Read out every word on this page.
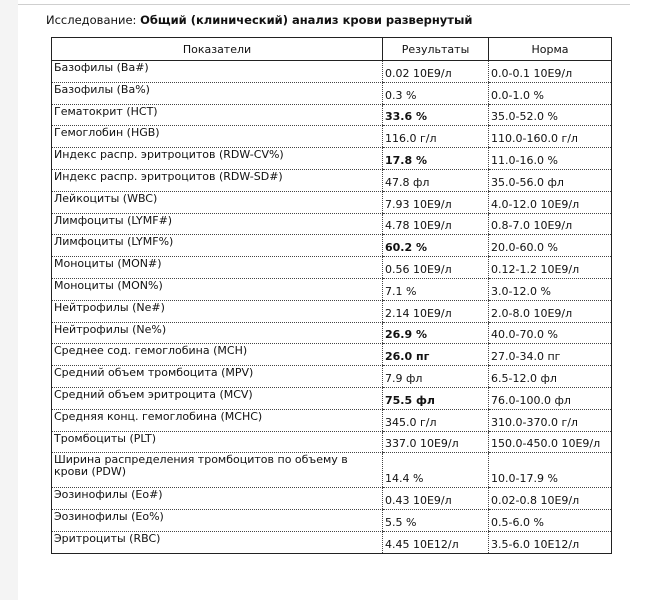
Исследование: Общий (клинический) анализ крови развернутый
Показатели	Результаты	Норма
Базофилы (Ba#)	0.02 10E9/л	0.0-0.1 10E9/л
Базофилы (Ba%)	0.3 %	0.0-1.0 %
Гематокрит (HCT)	33.6 %	35.0-52.0 %
Гемоглобин (HGB)	116.0 г/л	110.0-160.0 г/л
Индекс распр. эритроцитов (RDW-CV%)	17.8 %	11.0-16.0 %
Индекс распр. эритроцитов (RDW-SD#)	47.8 фл	35.0-56.0 фл
Лейкоциты (WBC)	7.93 10E9/л	4.0-12.0 10E9/л
Лимфоциты (LYMF#)	4.78 10E9/л	0.8-7.0 10E9/л
Лимфоциты (LYMF%)	60.2 %	20.0-60.0 %
Моноциты (MON#)	0.56 10E9/л	0.12-1.2 10E9/л
Моноциты (MON%)	7.1 %	3.0-12.0 %
Нейтрофилы (Ne#)	2.14 10E9/л	2.0-8.0 10E9/л
Нейтрофилы (Ne%)	26.9 %	40.0-70.0 %
Среднее сод. гемоглобина (MCH)	26.0 пг	27.0-34.0 пг
Средний объем тромбоцита (MPV)	7.9 фл	6.5-12.0 фл
Средний объем эритроцита (MCV)	75.5 фл	76.0-100.0 фл
Средняя конц. гемоглобина (MCHC)	345.0 г/л	310.0-370.0 г/л
Тромбоциты (PLT)	337.0 10E9/л	150.0-450.0 10E9/л
Ширина распределения тромбоцитов по объему в крови (PDW)	14.4 %	10.0-17.9 %
Эозинофилы (Eo#)	0.43 10E9/л	0.02-0.8 10E9/л
Эозинофилы (Eo%)	5.5 %	0.5-6.0 %
Эритроциты (RBC)	4.45 10E12/л	3.5-6.0 10E12/л
